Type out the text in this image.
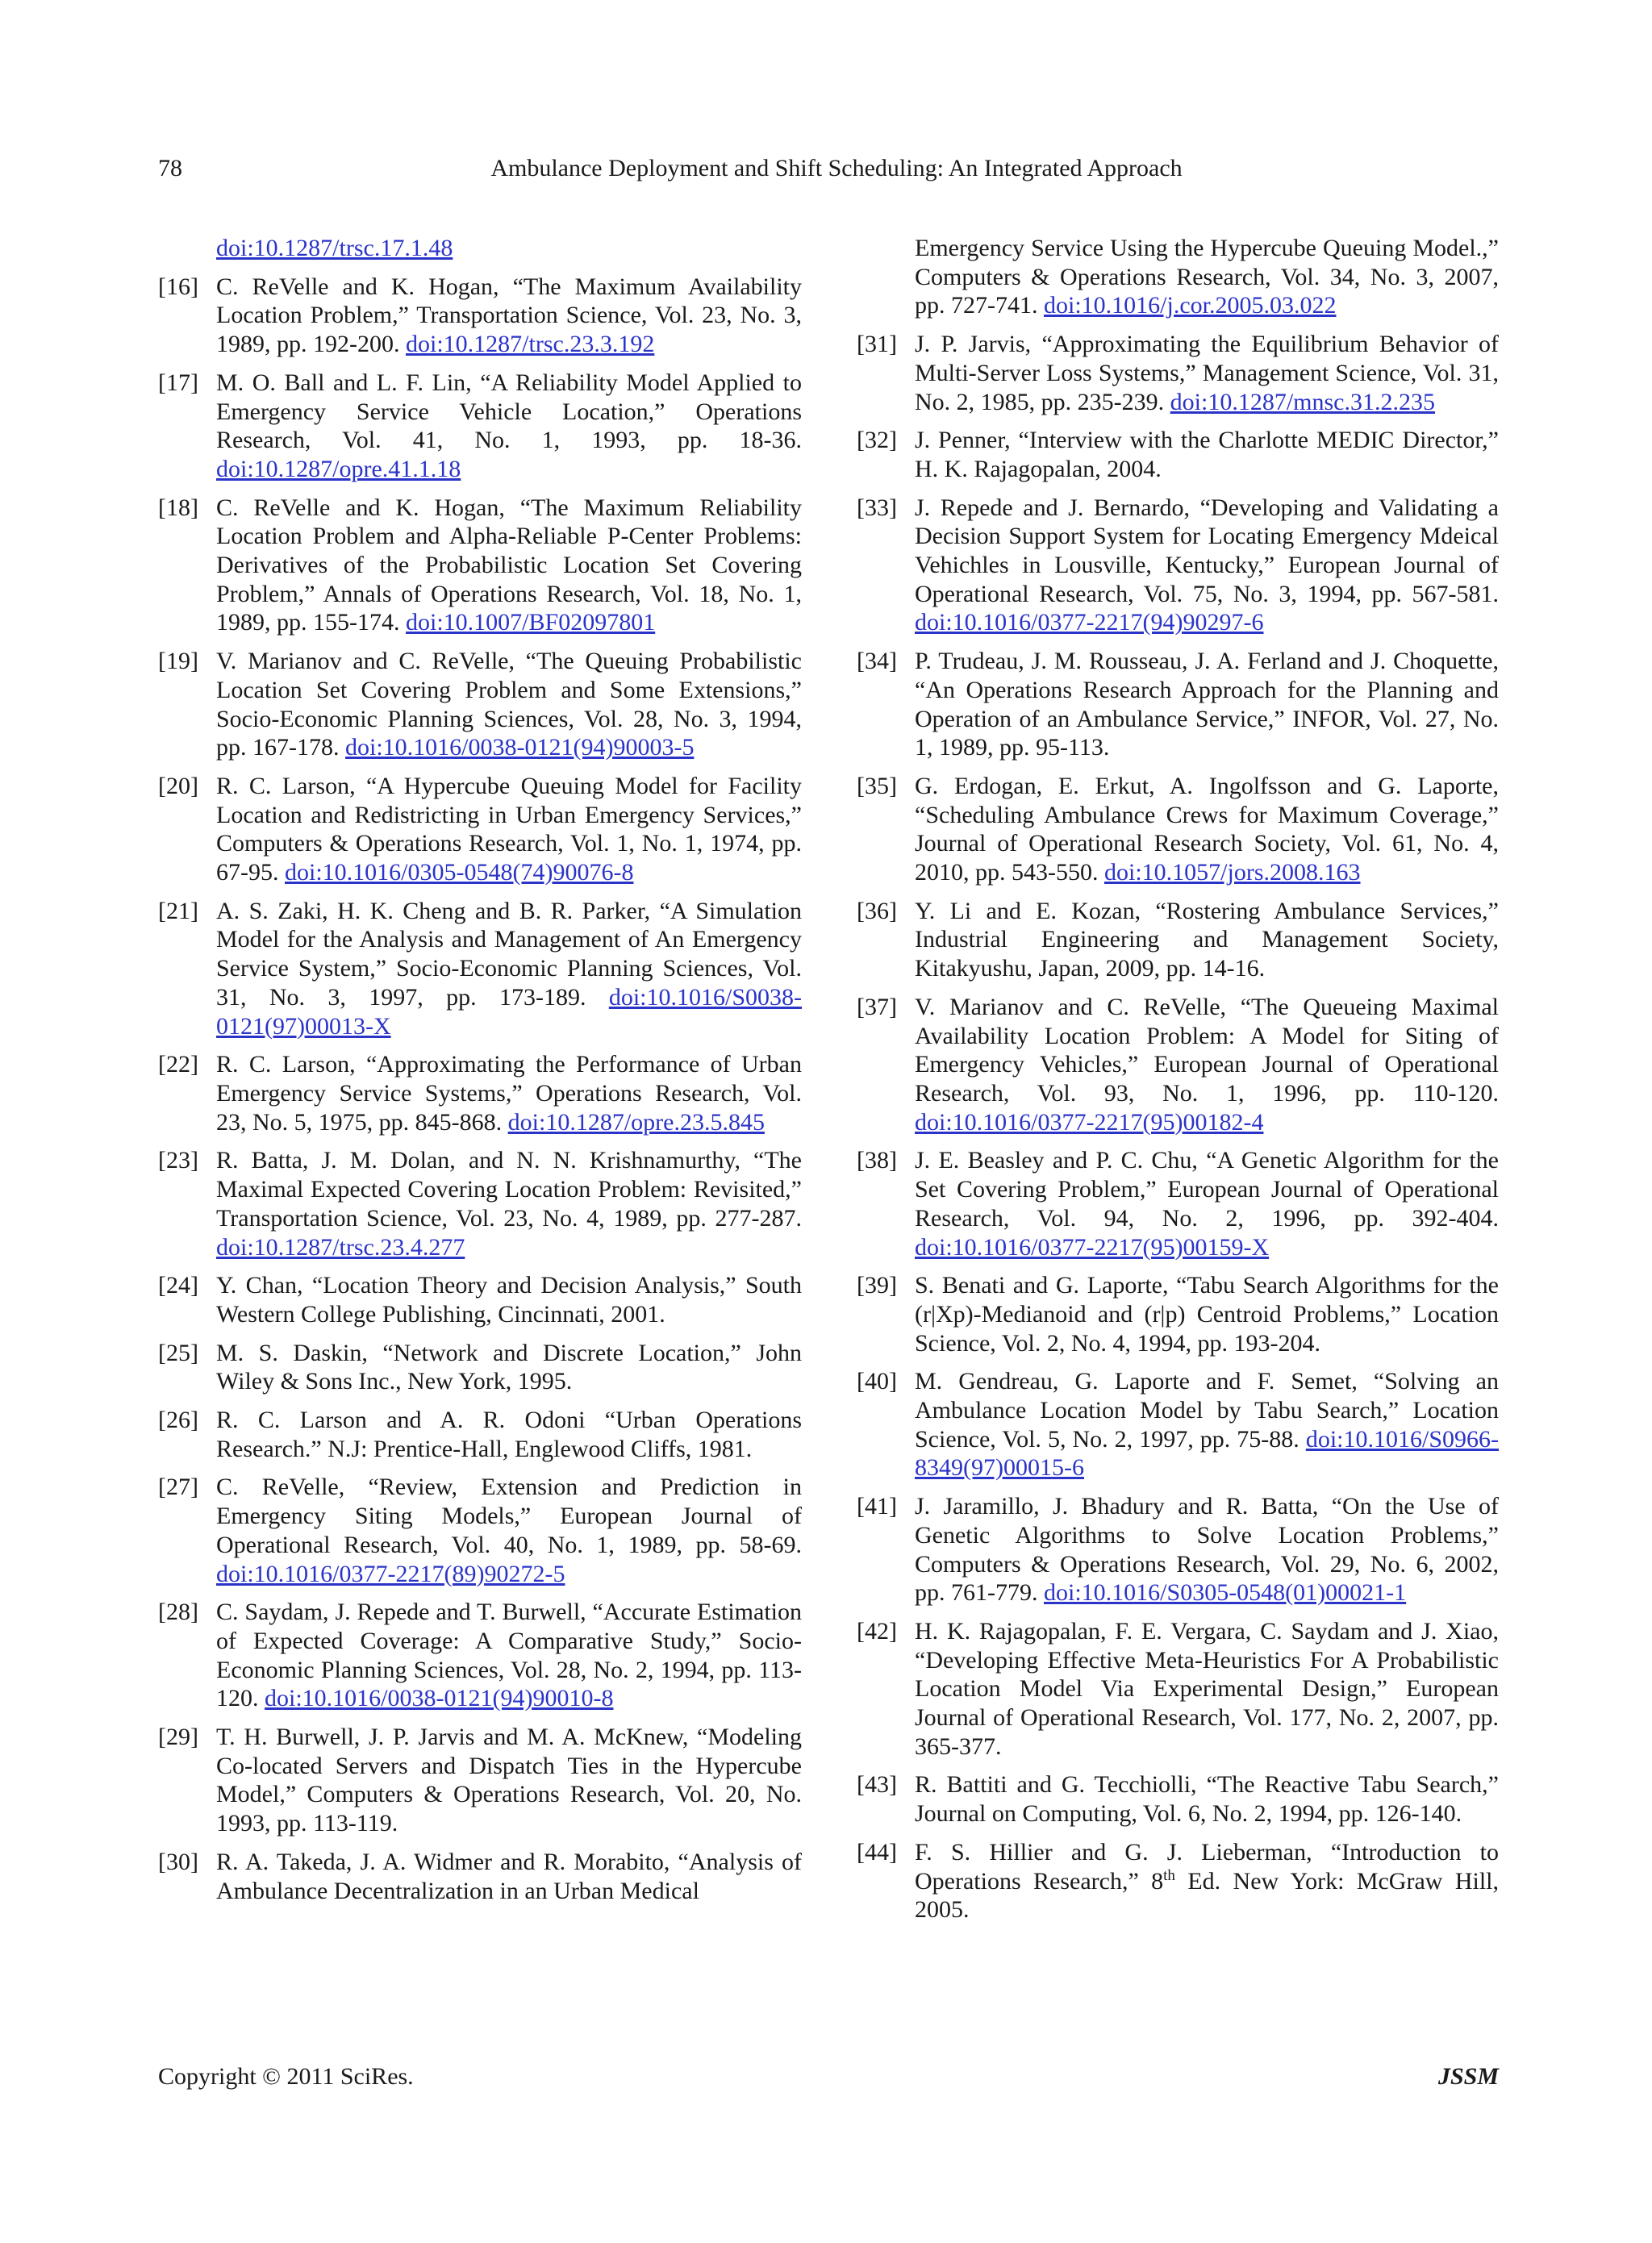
78	Ambulance Deployment and Shift Scheduling: An Integrated Approach
doi:10.1287/trsc.17.1.48
[16] C. ReVelle and K. Hogan, “The Maximum Availability Location Problem,” Transportation Science, Vol. 23, No. 3, 1989, pp. 192-200. doi:10.1287/trsc.23.3.192
[17] M. O. Ball and L. F. Lin, “A Reliability Model Applied to Emergency Service Vehicle Location,” Operations Research, Vol. 41, No. 1, 1993, pp. 18-36. doi:10.1287/opre.41.1.18
[18] C. ReVelle and K. Hogan, “The Maximum Reliability Location Problem and Alpha-Reliable P-Center Problems: Derivatives of the Probabilistic Location Set Covering Problem,” Annals of Operations Research, Vol. 18, No. 1, 1989, pp. 155-174. doi:10.1007/BF02097801
[19] V. Marianov and C. ReVelle, “The Queuing Probabilistic Location Set Covering Problem and Some Extensions,” Socio-Economic Planning Sciences, Vol. 28, No. 3, 1994, pp. 167-178. doi:10.1016/0038-0121(94)90003-5
[20] R. C. Larson, “A Hypercube Queuing Model for Facility Location and Redistricting in Urban Emergency Services,” Computers & Operations Research, Vol. 1, No. 1, 1974, pp. 67-95. doi:10.1016/0305-0548(74)90076-8
[21] A. S. Zaki, H. K. Cheng and B. R. Parker, “A Simulation Model for the Analysis and Management of An Emergency Service System,” Socio-Economic Planning Sciences, Vol. 31, No. 3, 1997, pp. 173-189. doi:10.1016/S0038-0121(97)00013-X
[22] R. C. Larson, “Approximating the Performance of Urban Emergency Service Systems,” Operations Research, Vol. 23, No. 5, 1975, pp. 845-868. doi:10.1287/opre.23.5.845
[23] R. Batta, J. M. Dolan, and N. N. Krishnamurthy, “The Maximal Expected Covering Location Problem: Revisited,” Transportation Science, Vol. 23, No. 4, 1989, pp. 277-287. doi:10.1287/trsc.23.4.277
[24] Y. Chan, “Location Theory and Decision Analysis,” South Western College Publishing, Cincinnati, 2001.
[25] M. S. Daskin, “Network and Discrete Location,” John Wiley & Sons Inc., New York, 1995.
[26] R. C. Larson and A. R. Odoni “Urban Operations Research.” N.J: Prentice-Hall, Englewood Cliffs, 1981.
[27] C. ReVelle, “Review, Extension and Prediction in Emergency Siting Models,” European Journal of Operational Research, Vol. 40, No. 1, 1989, pp. 58-69. doi:10.1016/0377-2217(89)90272-5
[28] C. Saydam, J. Repede and T. Burwell, “Accurate Estimation of Expected Coverage: A Comparative Study,” Socio-Economic Planning Sciences, Vol. 28, No. 2, 1994, pp. 113-120. doi:10.1016/0038-0121(94)90010-8
[29] T. H. Burwell, J. P. Jarvis and M. A. McKnew, “Modeling Co-located Servers and Dispatch Ties in the Hypercube Model,” Computers & Operations Research, Vol. 20, No. 1993, pp. 113-119.
[30] R. A. Takeda, J. A. Widmer and R. Morabito, “Analysis of Ambulance Decentralization in an Urban Medical
Emergency Service Using the Hypercube Queuing Model.,” Computers & Operations Research, Vol. 34, No. 3, 2007, pp. 727-741. doi:10.1016/j.cor.2005.03.022
[31] J. P. Jarvis, “Approximating the Equilibrium Behavior of Multi-Server Loss Systems,” Management Science, Vol. 31, No. 2, 1985, pp. 235-239. doi:10.1287/mnsc.31.2.235
[32] J. Penner, “Interview with the Charlotte MEDIC Director,” H. K. Rajagopalan, 2004.
[33] J. Repede and J. Bernardo, “Developing and Validating a Decision Support System for Locating Emergency Mdeical Vehichles in Lousville, Kentucky,” European Journal of Operational Research, Vol. 75, No. 3, 1994, pp. 567-581. doi:10.1016/0377-2217(94)90297-6
[34] P. Trudeau, J. M. Rousseau, J. A. Ferland and J. Choquette, “An Operations Research Approach for the Planning and Operation of an Ambulance Service,” INFOR, Vol. 27, No. 1, 1989, pp. 95-113.
[35] G. Erdogan, E. Erkut, A. Ingolfsson and G. Laporte, “Scheduling Ambulance Crews for Maximum Coverage,” Journal of Operational Research Society, Vol. 61, No. 4, 2010, pp. 543-550. doi:10.1057/jors.2008.163
[36] Y. Li and E. Kozan, “Rostering Ambulance Services,” Industrial Engineering and Management Society, Kitakyushu, Japan, 2009, pp. 14-16.
[37] V. Marianov and C. ReVelle, “The Queueing Maximal Availability Location Problem: A Model for Siting of Emergency Vehicles,” European Journal of Operational Research, Vol. 93, No. 1, 1996, pp. 110-120. doi:10.1016/0377-2217(95)00182-4
[38] J. E. Beasley and P. C. Chu, “A Genetic Algorithm for the Set Covering Problem,” European Journal of Operational Research, Vol. 94, No. 2, 1996, pp. 392-404. doi:10.1016/0377-2217(95)00159-X
[39] S. Benati and G. Laporte, “Tabu Search Algorithms for the (r|Xp)-Medianoid and (r|p) Centroid Problems,” Location Science, Vol. 2, No. 4, 1994, pp. 193-204.
[40] M. Gendreau, G. Laporte and F. Semet, “Solving an Ambulance Location Model by Tabu Search,” Location Science, Vol. 5, No. 2, 1997, pp. 75-88. doi:10.1016/S0966-8349(97)00015-6
[41] J. Jaramillo, J. Bhadury and R. Batta, “On the Use of Genetic Algorithms to Solve Location Problems,” Computers & Operations Research, Vol. 29, No. 6, 2002, pp. 761-779. doi:10.1016/S0305-0548(01)00021-1
[42] H. K. Rajagopalan, F. E. Vergara, C. Saydam and J. Xiao, “Developing Effective Meta-Heuristics For A Probabilistic Location Model Via Experimental Design,” European Journal of Operational Research, Vol. 177, No. 2, 2007, pp. 365-377.
[43] R. Battiti and G. Tecchiolli, “The Reactive Tabu Search,” Journal on Computing, Vol. 6, No. 2, 1994, pp. 126-140.
[44] F. S. Hillier and G. J. Lieberman, “Introduction to Operations Research,” 8th Ed. New York: McGraw Hill, 2005.
Copyright © 2011 SciRes.	JSSM
